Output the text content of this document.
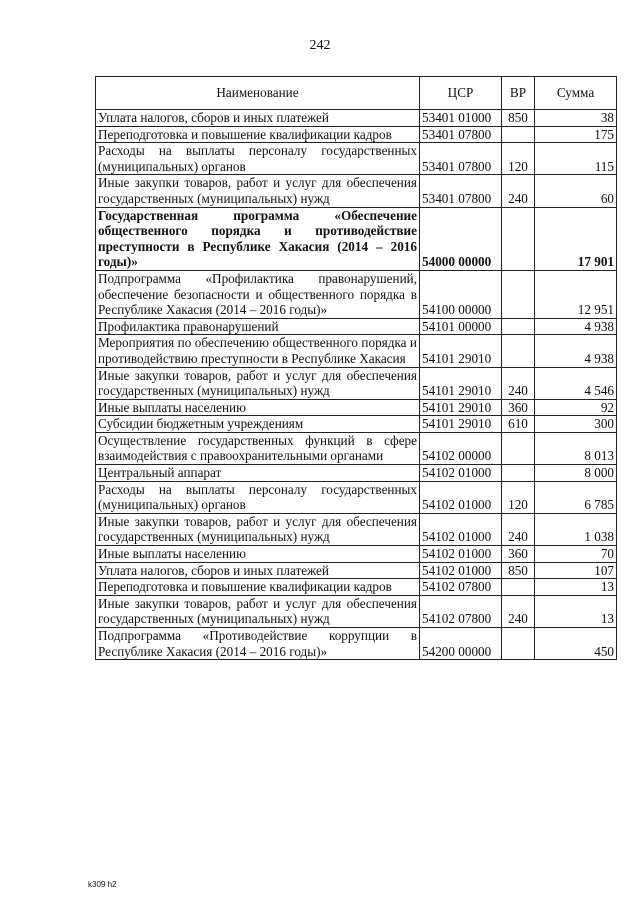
242
Наименование	ЦСР	ВР	Сумма
Уплата налогов, сборов и иных платежей	53401 01000	850	38
Переподготовка и повышение квалификации кадров	53401 07800		175
Расходы на выплаты персоналу государственных (муниципальных) органов	53401 07800	120	115
Иные закупки товаров, работ и услуг для обеспечения государственных (муниципальных) нужд	53401 07800	240	60
Государственная программа «Обеспечение общественного порядка и противодействие преступности в Республике Хакасия (2014 – 2016 годы)»	54000 00000		17 901
Подпрограмма «Профилактика правонарушений, обеспечение безопасности и общественного порядка в Республике Хакасия (2014 – 2016 годы)»	54100 00000		12 951
Профилактика правонарушений	54101 00000		4 938
Мероприятия по обеспечению общественного порядка и противодействию преступности в Республике Хакасия	54101 29010		4 938
Иные закупки товаров, работ и услуг для обеспечения государственных (муниципальных) нужд	54101 29010	240	4 546
Иные выплаты населению	54101 29010	360	92
Субсидии бюджетным учреждениям	54101 29010	610	300
Осуществление государственных функций в сфере взаимодействия с правоохранительными органами	54102 00000		8 013
Центральный аппарат	54102 01000		8 000
Расходы на выплаты персоналу государственных (муниципальных) органов	54102 01000	120	6 785
Иные закупки товаров, работ и услуг для обеспечения государственных (муниципальных) нужд	54102 01000	240	1 038
Иные выплаты населению	54102 01000	360	70
Уплата налогов, сборов и иных платежей	54102 01000	850	107
Переподготовка и повышение квалификации кадров	54102 07800		13
Иные закупки товаров, работ и услуг для обеспечения государственных (муниципальных) нужд	54102 07800	240	13
Подпрограмма «Противодействие коррупции в Республике Хакасия (2014 – 2016 годы)»	54200 00000		450
k309 h2
